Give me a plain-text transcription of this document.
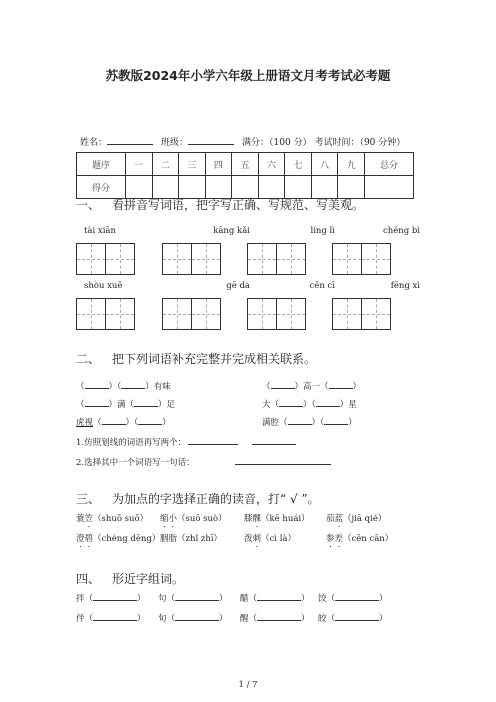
苏教版2024年小学六年级上册语文月考考试必考题
姓名：	班级：	满分：（100 分） 考试时间：（90 分钟）
题序	一	二	三	四	五	六	七	八	九	总分
得分										
一、 看拼音写词语，把字写正确、写规范、写美观。
tài xiān	kāng kǎi	líng lì	chéng bì
shòu xuē	gē da	cēn cī	fēng xì
二、 把下列词语补充完整并完成相关联系。
（	）（	）有味	（	）高一（	）
（	）满（	）足	大（	）（	）星
虎视（	）（	）	满腔（	）（	）
1.仿照划线的词语再写两个：
2.选择其中一个词语写一句话：
三、 为加点的字选择正确的读音，打“ √ ”。
蓑笠（shuō suō） 缩小（suō suò） 膝髁（kē huái） 茄蓝（jiā qié）
澄碧（chéng dēng） 胭脂（zhǐ zhī）	泼刺（cì là）	参差（cēn cān）
四、 形近字组词。
拌（	） 句（	） 醋（	） 饺（	）
伴（	） 旬（	） 醒（	） 皎（	）
1 / 7
